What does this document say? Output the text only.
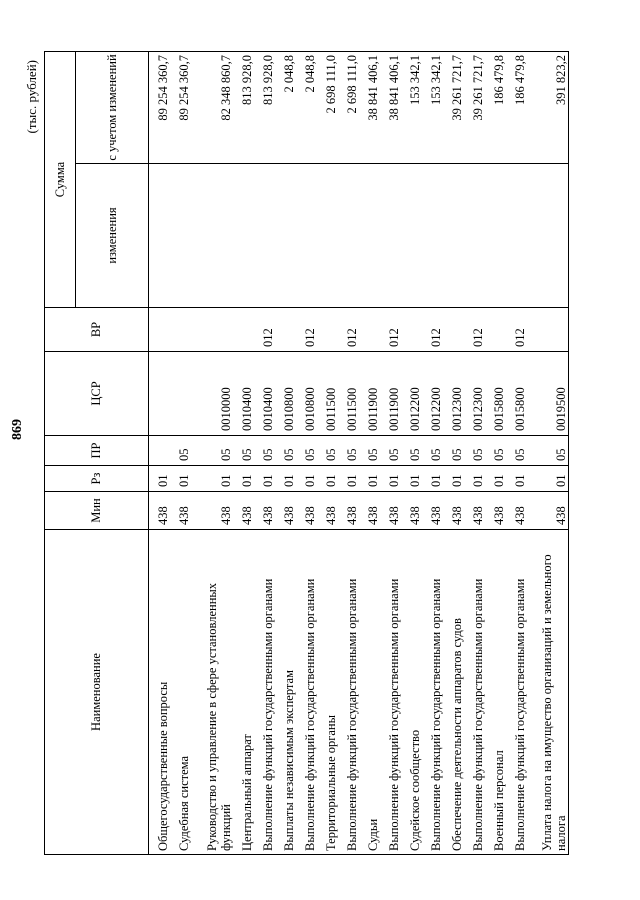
869
(тыс. рублей)
Наименование	Мин	Рз	ПР	ЦСР	ВР	Сумма	
						изменения	с учетом изменений
Общегосударственные вопросы	438	01					89 254 360,7
Судебная система	438	01	05				89 254 360,7
Руководство и управление в сфере установленных функций	438	01	05	0010000			82 348 860,7
Центральный аппарат	438	01	05	0010400			813 928,0
Выполнение функций государственными органами	438	01	05	0010400	012		813 928,0
Выплаты независимым экспертам	438	01	05	0010800			2 048,8
Выполнение функций государственными органами	438	01	05	0010800	012		2 048,8
Территориальные органы	438	01	05	0011500			2 698 111,0
Выполнение функций государственными органами	438	01	05	0011500	012		2 698 111,0
Судьи	438	01	05	0011900			38 841 406,1
Выполнение функций государственными органами	438	01	05	0011900	012		38 841 406,1
Судейское сообщество	438	01	05	0012200			153 342,1
Выполнение функций государственными органами	438	01	05	0012200	012		153 342,1
Обеспечение деятельности аппаратов судов	438	01	05	0012300			39 261 721,7
Выполнение функций государственными органами	438	01	05	0012300	012		39 261 721,7
Военный персонал	438	01	05	0015800			186 479,8
Выполнение функций государственными органами	438	01	05	0015800	012		186 479,8
Уплата налога на имущество организаций и земельного налога	438	01	05	0019500			391 823,2
